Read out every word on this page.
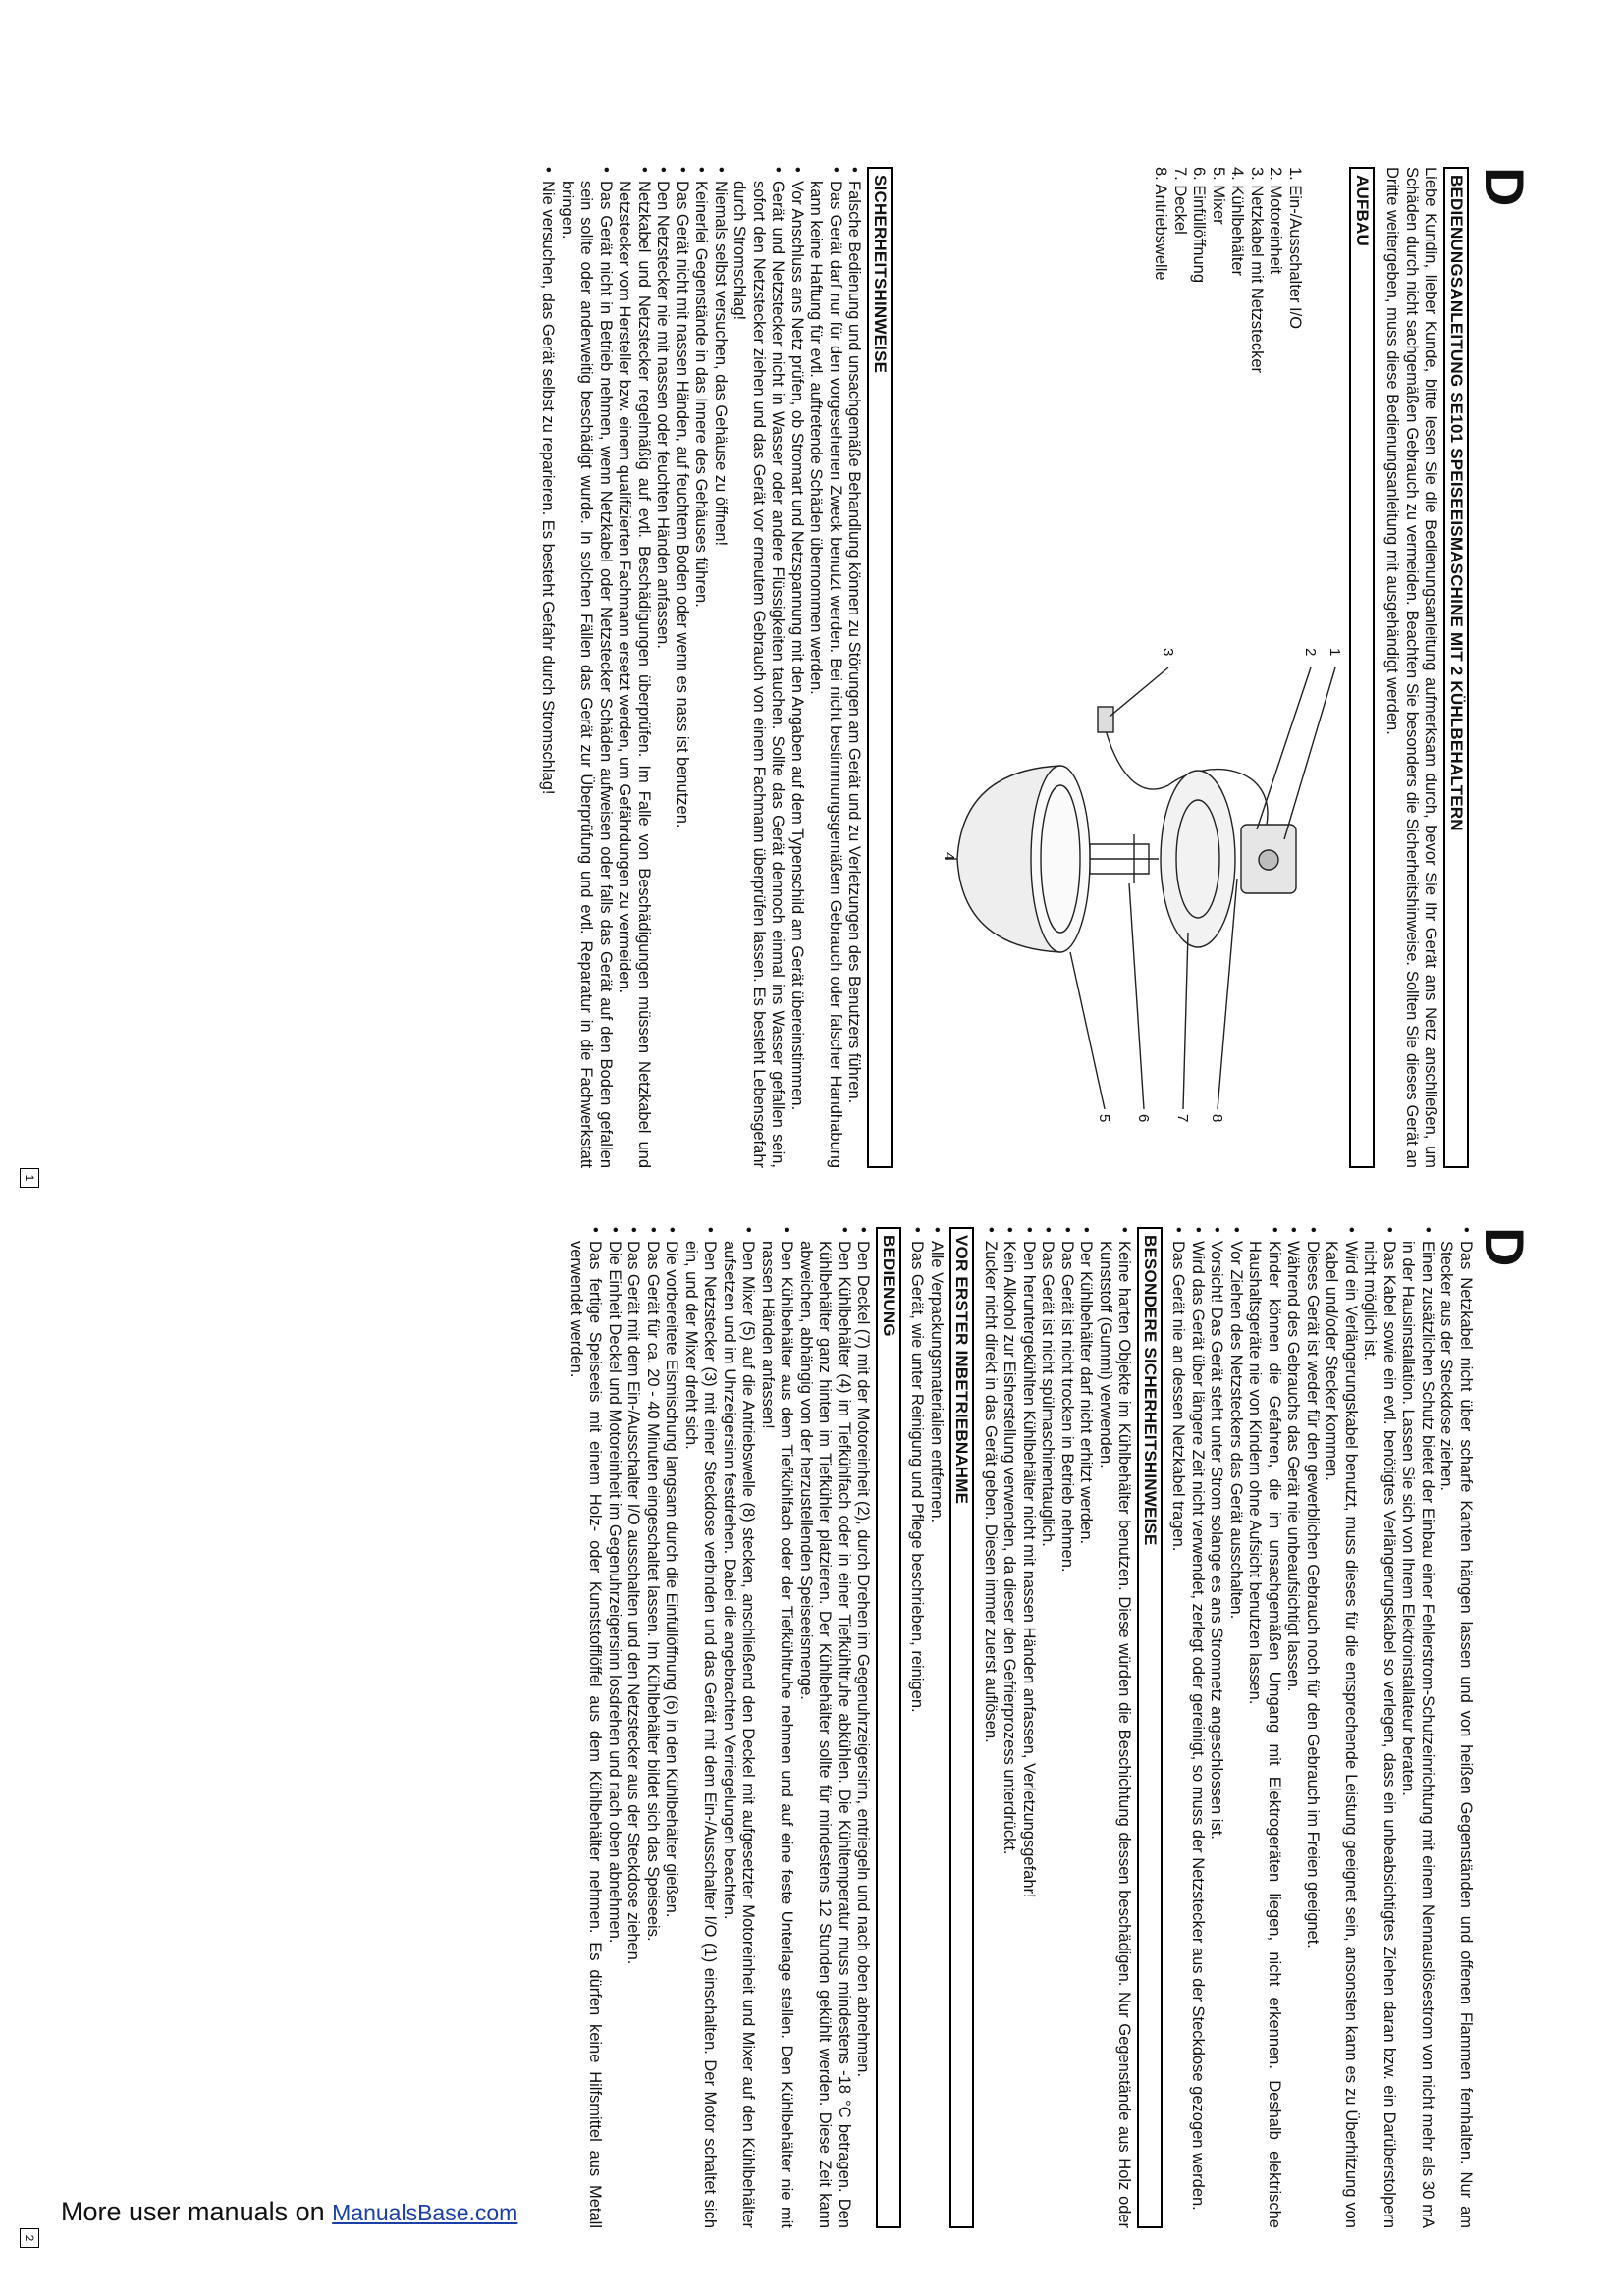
D
BEDIENUNGSANLEITUNG SE101 SPEISEEISMASCHINE MIT 2 KÜHLBEHALTERN

Liebe Kundin, lieber Kunde, bitte lesen Sie die Bedienungsanleitung aufmerksam durch, bevor Sie Ihr Gerät ans Netz anschließen, um Schäden durch nicht sachgemäßen Gebrauch zu vermeiden. Beachten Sie besonders die Sicherheitshinweise. Sollten Sie dieses Gerät an Dritte weitergeben, muss diese Bedienungsanleitung mit ausgehändigt werden.

AUFBAU
1. Ein-/Ausschalter I/O
2. Motoreinheit
3. Netzkabel mit Netzstecker
4. Kühlbehälter
5. Mixer
6. Einfüllöffnung
7. Deckel
8. Antriebswelle
1
2
3
4
5 6 7 8
SICHERHEITSHINWEISE
• Falsche Bedienung und unsachgemäße Behandlung können zu Störungen am Gerät und zu Verletzungen des Benutzers führen.
• Das Gerät darf nur für den vorgesehenen Zweck benutzt werden. Bei nicht bestimmungsgemäßem Gebrauch oder falscher Handhabung kann keine Haftung für evtl. auftretende Schäden übernommen werden.
• Vor Anschluss ans Netz prüfen, ob Stromart und Netzspannung mit den Angaben auf dem Typenschild am Gerät übereinstimmen.
• Gerät und Netzstecker nicht in Wasser oder andere Flüssigkeiten tauchen. Sollte das Gerät dennoch einmal ins Wasser gefallen sein, sofort den Netzstecker ziehen und das Gerät vor erneutem Gebrauch von einem Fachmann überprüfen lassen. Es besteht Lebensgefahr durch Stromschlag!
• Niemals selbst versuchen, das Gehäuse zu öffnen!
• Keinerlei Gegenstände in das Innere des Gehäuses führen.
• Das Gerät nicht mit nassen Händen, auf feuchtem Boden oder wenn es nass ist benutzen.
• Den Netzstecker nie mit nassen oder feuchten Händen anfassen.
• Netzkabel und Netzstecker regelmäßig auf evtl. Beschädigungen überprüfen. Im Falle von Beschädigungen müssen Netzkabel und Netzstecker vom Hersteller bzw. einem qualifizierten Fachmann ersetzt werden, um Gefährdungen zu vermeiden.
• Das Gerät nicht in Betrieb nehmen, wenn Netzkabel oder Netzstecker Schäden aufweisen oder falls das Gerät auf den Boden gefallen sein sollte oder anderweitig beschädigt wurde. In solchen Fällen das Gerät zur Überprüfung und evtl. Reparatur in die Fachwerkstatt bringen.
• Nie versuchen, das Gerät selbst zu reparieren. Es besteht Gefahr durch Stromschlag!
1
D
• Das Netzkabel nicht über scharfe Kanten hängen lassen und von heißen Gegenständen und offenen Flammen fernhalten. Nur am Stecker aus der Steckdose ziehen.
• Einen zusätzlichen Schutz bietet der Einbau einer Fehlerstrom-Schutzeinrichtung mit einem Nennauslösestrom von nicht mehr als 30 mA in der Hausinstallation. Lassen Sie sich von Ihrem Elektroinstallateur beraten.
• Das Kabel sowie ein evtl. benötigtes Verlängerungskabel so verlegen, dass ein unbeabsichtigtes Ziehen daran bzw. ein Darüberstolpern nicht möglich ist.
• Wird ein Verlängerungskabel benutzt, muss dieses für die entsprechende Leistung geeignet sein, ansonsten kann es zu Überhitzung von Kabel und/oder Stecker kommen.
• Dieses Gerät ist weder für den gewerblichen Gebrauch noch für den Gebrauch im Freien geeignet.
• Während des Gebrauchs das Gerät nie unbeaufsichtigt lassen.
• Kinder können die Gefahren, die im unsachgemäßen Umgang mit Elektrogeräten liegen, nicht erkennen. Deshalb elektrische Haushaltsgeräte nie von Kindern ohne Aufsicht benutzen lassen.
• Vor Ziehen des Netzsteckers das Gerät ausschalten.
• Vorsicht! Das Gerät steht unter Strom solange es ans Stromnetz angeschlossen ist.
• Wird das Gerät über längere Zeit nicht verwendet, zerlegt oder gereinigt, so muss der Netzstecker aus der Steckdose gezogen werden.
• Das Gerät nie an dessen Netzkabel tragen.
BESONDERE SICHERHEITSHINWEISE
• Keine harten Objekte im Kühlbehälter benutzen. Diese würden die Beschichtung dessen beschädigen. Nur Gegenstände aus Holz oder Kunststoff (Gummi) verwenden.
• Der Kühlbehälter darf nicht erhitzt werden.
• Das Gerät ist nicht trocken in Betrieb nehmen.
• Das Gerät ist nicht spülmaschinentauglich.
• Den heruntergekühlten Kühlbehälter nicht mit nassen Händen anfassen, Verletzungsgefahr!
• Kein Alkohol zur Eisherstellung verwenden, da dieser den Gefrierprozess unterdrückt.
• Zucker nicht direkt in das Gerät geben. Diesen immer zuerst auflösen.
VOR ERSTER INBETRIEBNAHME
• Alle Verpackungsmaterialien entfernen.
• Das Gerät, wie unter Reinigung und Pflege beschrieben, reinigen.
BEDIENUNG
• Den Deckel (7) mit der Motoreinheit (2), durch Drehen im Gegenuhrzeigersinn, entriegeln und nach oben abnehmen.
• Den Kühlbehälter (4) im Tiefkühlfach oder in einer Tiefkühltruhe abkühlen. Die Kühltemperatur muss mindestens -18 °C betragen. Den Kühlbehälter ganz hinten im Tiefkühler platzieren. Der Kühlbehälter sollte für mindestens 12 Stunden gekühlt werden. Diese Zeit kann abweichen, abhängig von der herzustellenden Speiseeismenge.
• Den Kühlbehälter aus dem Tiefkühlfach oder der Tiefkühltruhe nehmen und auf eine feste Unterlage stellen. Den Kühlbehälter nie mit nassen Händen anfassen!
• Den Mixer (5) auf die Antriebswelle (8) stecken, anschließend den Deckel mit aufgesetzter Motoreinheit und Mixer auf den Kühlbehälter aufsetzen und im Uhrzeigersinn festdrehen. Dabei die angebrachten Verriegelungen beachten.
• Den Netzstecker (3) mit einer Steckdose verbinden und das Gerät mit dem Ein-/Ausschalter I/O (1) einschalten. Der Motor schaltet sich ein, und der Mixer dreht sich.
• Die vorbereitete Eismischung langsam durch die Einfüllöffnung (6) in den Kühlbehälter gießen.
• Das Gerät für ca. 20 - 40 Minuten eingeschaltet lassen. Im Kühlbehälter bildet sich das Speiseeis.
• Das Gerät mit dem Ein-/Ausschalter I/O ausschalten und den Netzstecker aus der Steckdose ziehen.
• Die Einheit Deckel und Motoreinheit im Gegenuhrzeigersinn losdrehen und nach oben abnehmen.
• Das fertige Speiseeis mit einem Holz- oder Kunststofflöffel aus dem Kühlbehälter nehmen. Es dürfen keine Hilfsmittel aus Metall verwendet werden.
2
More user manuals on ManualsBase.com
